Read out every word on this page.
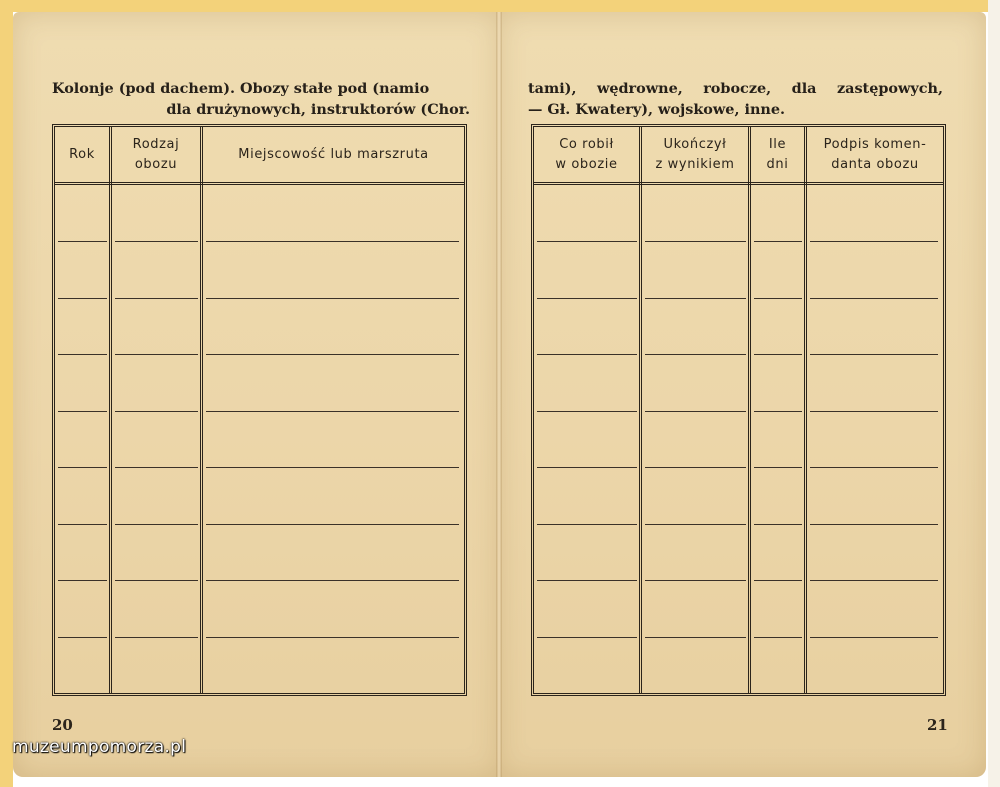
Kolonje (pod dachem). Obozy stałe pod (namio
dla drużynowych, instruktorów (Chor.

tami), wędrowne, robocze, dla zastępowych,
— Gł. Kwatery), wojskowe, inne.

Rok
Rodzaj
obozu
Miejscowość lub marszruta
Co robił
w obozie
Ukończył
z wynikiem
Ile
dni
Podpis komen-
danta obozu
20	21
muzeumpomorza.pl
